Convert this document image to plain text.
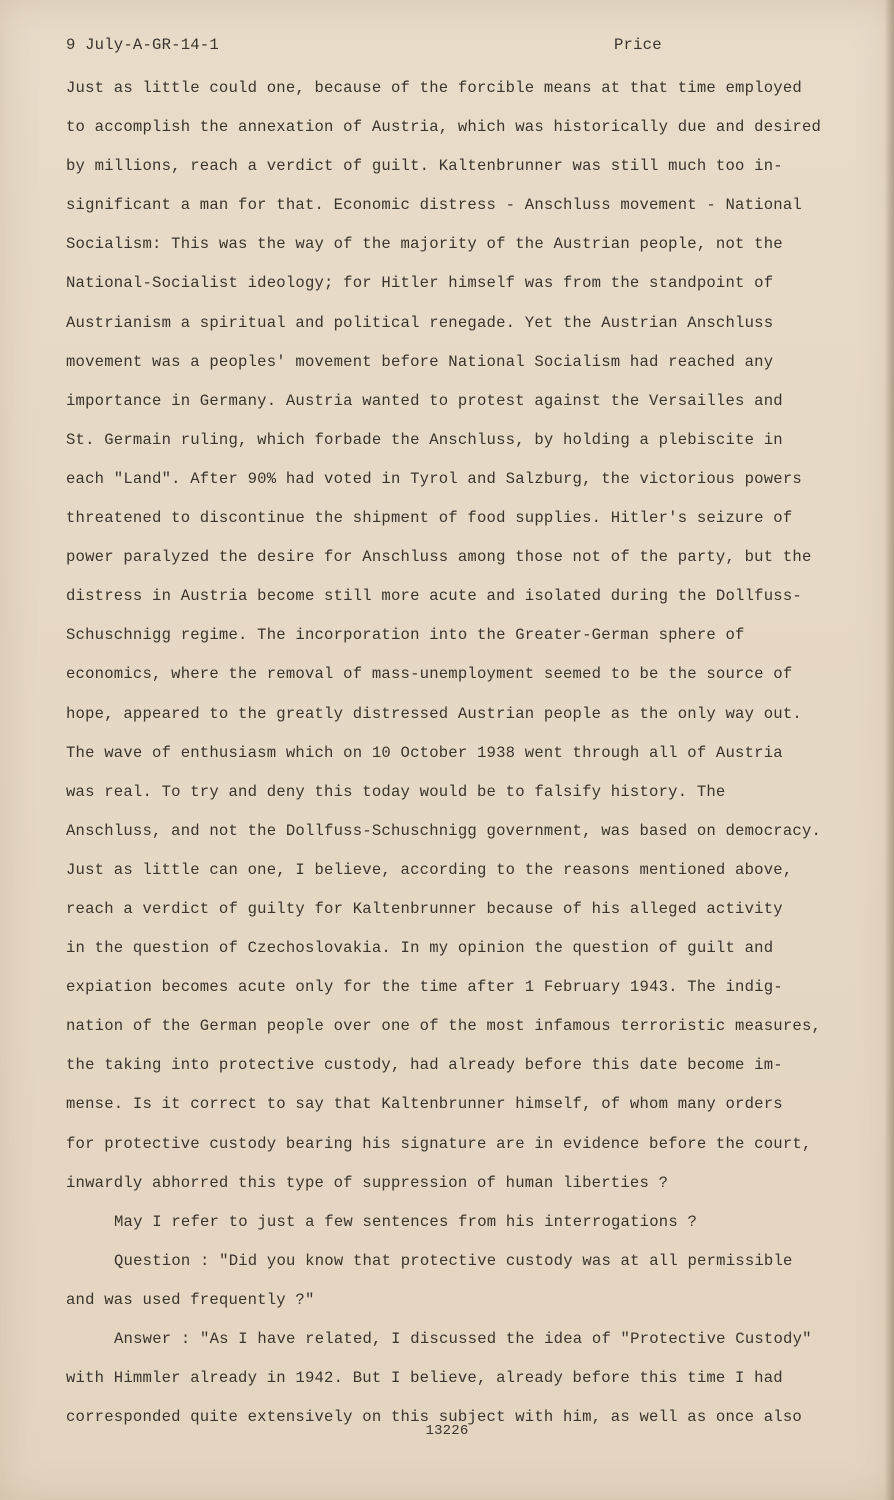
9 July-A-GR-14-1	Price
Just as little could one, because of the forcible means at that time employed
to accomplish the annexation of Austria, which was historically due and desired
by millions, reach a verdict of guilt. Kaltenbrunner was still much too in-
significant a man for that. Economic distress - Anschluss movement - National
Socialism: This was the way of the majority of the Austrian people, not the
National-Socialist ideology; for Hitler himself was from the standpoint of
Austrianism a spiritual and political renegade. Yet the Austrian Anschluss
movement was a peoples' movement before National Socialism had reached any
importance in Germany. Austria wanted to protest against the Versailles and
St. Germain ruling, which forbade the Anschluss, by holding a plebiscite in
each "Land". After 90% had voted in Tyrol and Salzburg, the victorious powers
threatened to discontinue the shipment of food supplies. Hitler's seizure of
power paralyzed the desire for Anschluss among those not of the party, but the
distress in Austria become still more acute and isolated during the Dollfuss-
Schuschnigg regime. The incorporation into the Greater-German sphere of
economics, where the removal of mass-unemployment seemed to be the source of
hope, appeared to the greatly distressed Austrian people as the only way out.
The wave of enthusiasm which on 10 October 1938 went through all of Austria
was real. To try and deny this today would be to falsify history. The
Anschluss, and not the Dollfuss-Schuschnigg government, was based on democracy.
Just as little can one, I believe, according to the reasons mentioned above,
reach a verdict of guilty for Kaltenbrunner because of his alleged activity
in the question of Czechoslovakia. In my opinion the question of guilt and
expiation becomes acute only for the time after 1 February 1943. The indig-
nation of the German people over one of the most infamous terroristic measures,
the taking into protective custody, had already before this date become im-
mense. Is it correct to say that Kaltenbrunner himself, of whom many orders
for protective custody bearing his signature are in evidence before the court,
inwardly abhorred this type of suppression of human liberties ?
May I refer to just a few sentences from his interrogations ?
Question : "Did you know that protective custody was at all permissible
and was used frequently ?"
Answer : "As I have related, I discussed the idea of "Protective Custody"
with Himmler already in 1942. But I believe, already before this time I had
corresponded quite extensively on this subject with him, as well as once also
13226
